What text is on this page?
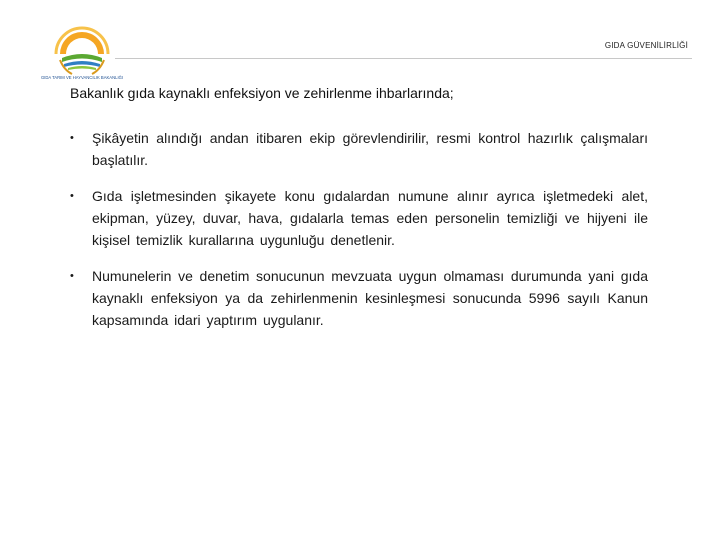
GIDA TARIM VE HAYVANCILIK BAKANLIĞI
GIDA GÜVENİLİRLİĞİ
Bakanlık gıda kaynaklı enfeksiyon ve zehirlenme ihbarlarında;
• Şikâyetin alındığı andan itibaren ekip görevlendirilir, resmi kontrol hazırlık çalışmaları başlatılır.
• Gıda işletmesinden şikayete konu gıdalardan numune alınır ayrıca işletmedeki alet, ekipman, yüzey, duvar, hava, gıdalarla temas eden personelin temizliği ve hijyeni ile kişisel temizlik kurallarına uygunluğu denetlenir.
• Numunelerin ve denetim sonucunun mevzuata uygun olmaması durumunda yani gıda kaynaklı enfeksiyon ya da zehirlenmenin kesinleşmesi sonucunda 5996 sayılı Kanun kapsamında idari yaptırım uygulanır.
